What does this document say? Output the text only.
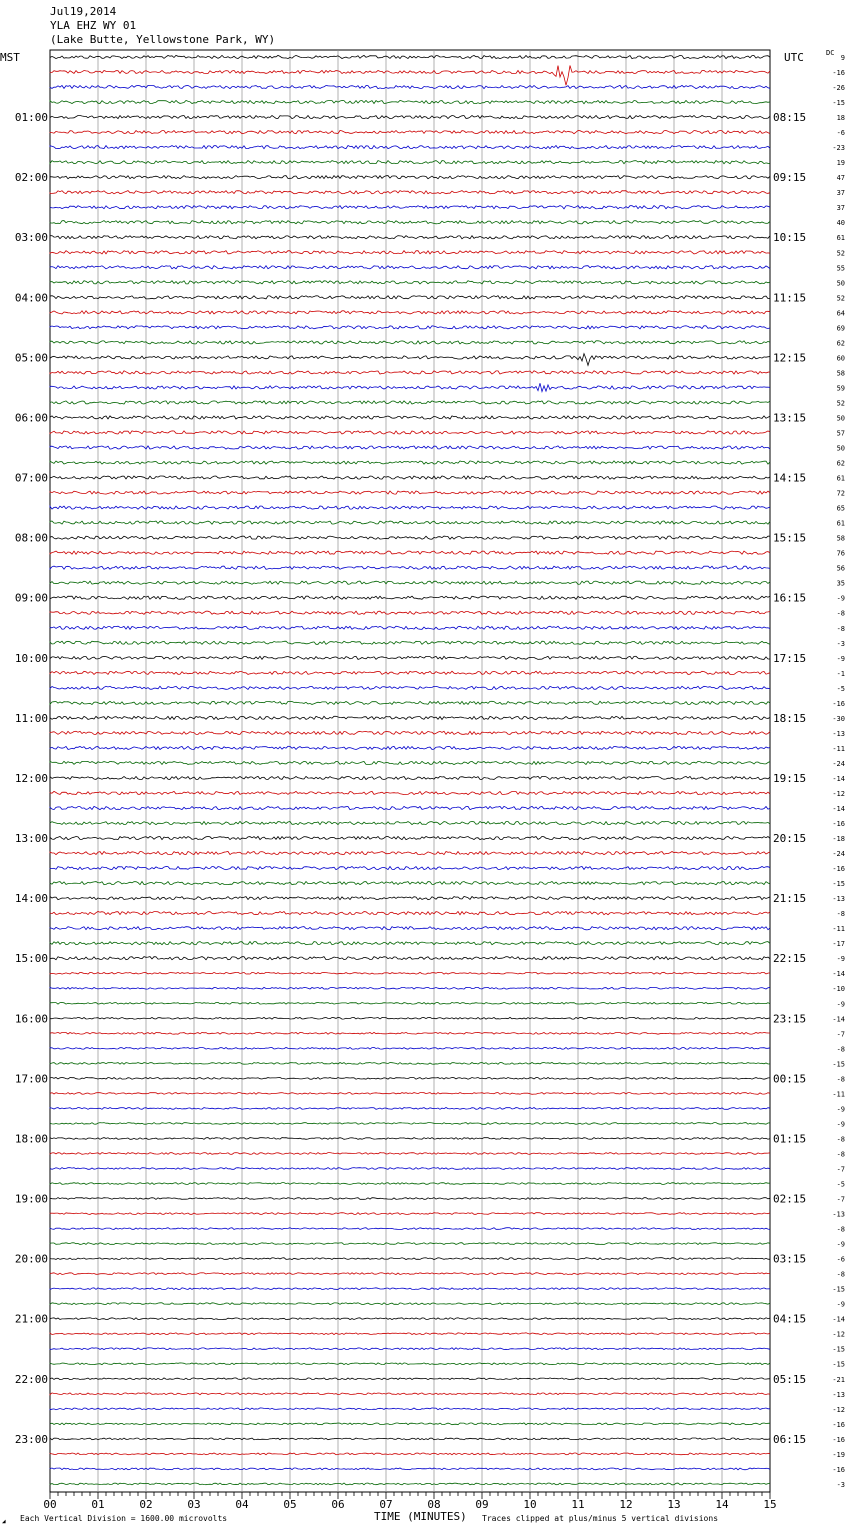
Jul19,2014
YLA EHZ WY 01
(Lake Butte, Yellowstone Park, WY)
MST	UTC	DC
01:00
02:00
03:00
04:00
05:00
06:00
07:00
08:00
09:00
10:00
11:00
12:00
13:00
14:00
15:00
16:00
17:00
18:00
19:00
20:00
21:00
22:00
23:00
08:15
09:15
10:15
11:15
12:15
13:15
14:15
15:15
16:15
17:15
18:15
19:15
20:15
21:15
22:15
23:15
00:15
01:15
02:15
03:15
04:15
05:15
06:15
9
-16
-26
-15
18
-6
-23
19
47
37
37
40
61
52
55
50
52
64
69
62
60
58
59
52
50
57
50
62
61
72
65
61
58
76
56
35
-9
-8
-8
-3
-9
-1
-5
-16
-30
-13
-11
-24
-14
-12
-14
-16
-18
-24
-16
-15
-13
-8
-11
-17
-9
-14
-10
-9
-14
-7
-8
-15
-8
-11
-9
-9
-8
-8
-7
-5
-7
-13
-8
-9
-6
-8
-15
-9
-14
-12
-15
-15
-21
-13
-12
-16
-16
-19
-16
-3
00	01	02	03	04	05	06	07	08	09	10	11	12	13	14	15
TIME (MINUTES)
Each Vertical Division = 1600.00 microvolts	Traces clipped at plus/minus 5 vertical divisions
◢
